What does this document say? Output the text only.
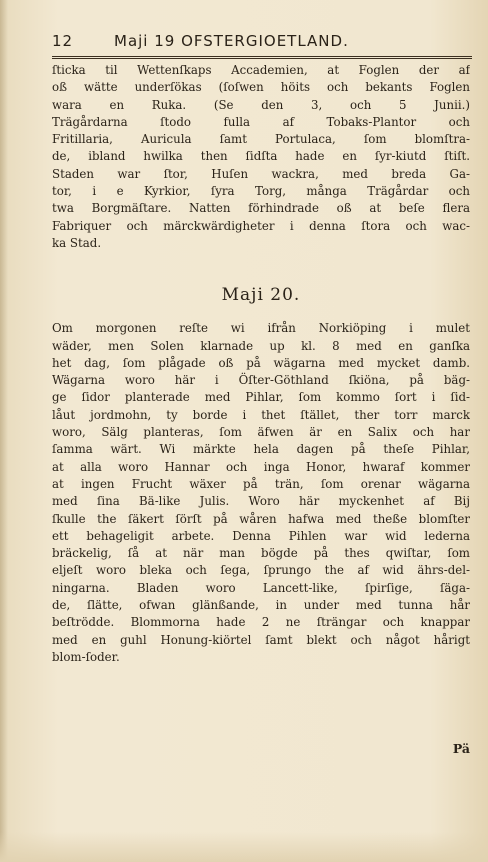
12	Maji 19 OFSTERGIOETLAND.
ſticka til Wettenſkaps Accademien, at Foglen der af
oß wätte underſökas (ſoſwen höits och bekants Foglen
wara en Ruka. (Se den 3, och 5 Junii.)
Trägårdarna ſtodo fulla af Tobaks-Plantor och
Fritillaria, Auricula ſamt Portulaca, ſom blomſtra-
de, ibland hwilka then ſidſta hade en ſyr-kiutd ſtiſt.
Staden war ſtor, Huſen wackra, med breda Ga-
tor, i e Kyrkior, ſyra Torg, många Trägårdar och
twa Borgmäſtare. Natten förhindrade oß at beſe flera
Fabriquer och märckwärdigheter i denna ſtora och wac-
ka Stad.
Maji 20.
Om morgonen reſte wi ifrån Norkiöping i mulet
wäder, men Solen klarnade up kl. 8 med en ganſka
het dag, ſom plågade oß på wägarna med mycket damb.
Wägarna woro här i Öſter-Göthland ſkiöna, på bäg-
ge ſidor planterade med Pihlar, ſom kommo ſort i ſid-
låut jordmohn, ty borde i thet ſtället, ther torr marck
woro, Sälg planteras, ſom äfwen är en Salix och har
ſamma wärt. Wi märkte hela dagen på theſe Pihlar,
at alla woro Hannar och inga Honor, hwaraf kommer
at ingen Frucht wäxer på trän, ſom orenar wägarna
med ſina Bä-like Julis. Woro här myckenhet af Bij
ſkulle the ſäkert ſörſt på wåren hafwa med theße blomſter
ett behageligit arbete. Denna Pihlen war wid lederna
bräckelig, ſå at när man bögde på thes qwiſtar, ſom
eljeſt woro bleka och ſega, ſprungo the af wid ährs-del-
ningarna. Bladen woro Lancett-like, ſpirſige, ſäga-
de, ſlätte, ofwan glänßande, in under med tunna hår
beſtrödde. Blommorna hade 2 ne ſträngar och knappar
med en guhl Honung-kiörtel ſamt blekt och något hårigt
blom-ſoder.
Pä
